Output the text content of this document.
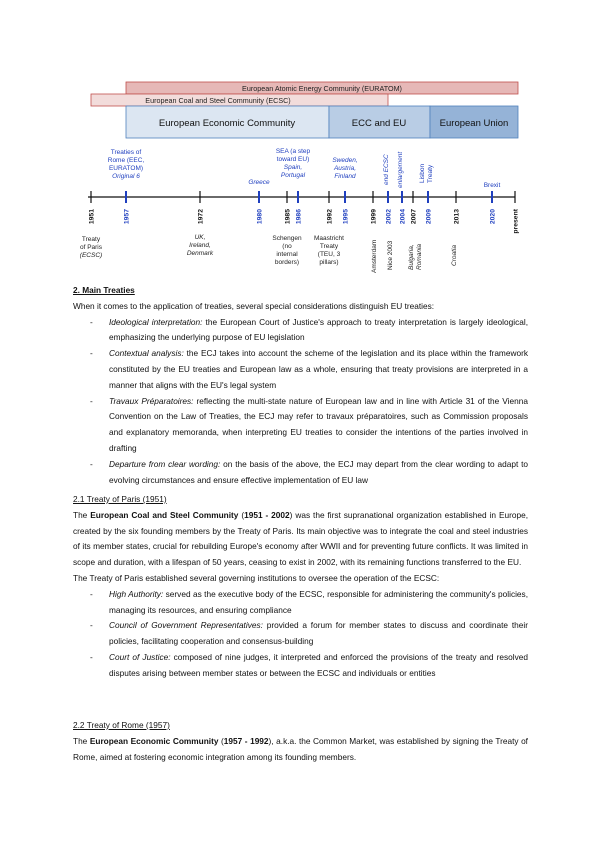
European Atomic Energy Community (EURATOM)
European Coal and Steel Community (ECSC)
European Economic Community	ECC and EU	European Union
1951	1957	1972	1980	1985 1986	1992 1995	1999 2002 2004 2007 2009	2013	2020 present
Treaties of
Rome (EEC,
EURATOM)
Original 6
Greece
SEA (a step
toward EU)
Spain,
Portugal
Sweden,
Austria,
Finland	end ECSC enlargement Lisbon Treaty
Brexit
Treaty
of Paris
(ECSC)
UK,
Ireland,
Denmark
Schengen
(no
internal
borders)
Maastricht
Treaty
(TEU, 3
pillars)	Amsterdam Nice 2003 Bulgaria, Romania	Croatia
2. Main Treaties
When it comes to the application of treaties, several special considerations distinguish EU treaties:
- Ideological interpretation: the European Court of Justice's approach to treaty interpretation is largely ideological, emphasizing the underlying purpose of EU legislation
- Contextual analysis: the ECJ takes into account the scheme of the legislation and its place within the framework constituted by the EU treaties and European law as a whole, ensuring that treaty provisions are interpreted in a manner that aligns with the EU's legal system
- Travaux Préparatoires: reflecting the multi-state nature of European law and in line with Article 31 of the Vienna Convention on the Law of Treaties, the ECJ may refer to travaux préparatoires, such as Commission proposals and explanatory memoranda, when interpreting EU treaties to consider the intentions of the parties involved in drafting
- Departure from clear wording: on the basis of the above, the ECJ may depart from the clear wording to adapt to evolving circumstances and ensure effective implementation of EU law
2.1 Treaty of Paris (1951)
The European Coal and Steel Community (1951 - 2002) was the first supranational organization established in Europe, created by the six founding members by the Treaty of Paris. Its main objective was to integrate the coal and steel industries of its member states, crucial for rebuilding Europe's economy after WWII and for preventing future conflicts. It was limited in scope and duration, with a lifespan of 50 years, ceasing to exist in 2002, with its remaining functions transferred to the EU.
The Treaty of Paris established several governing institutions to oversee the operation of the ECSC:
- High Authority: served as the executive body of the ECSC, responsible for administering the community's policies, managing its resources, and ensuring compliance
- Council of Government Representatives: provided a forum for member states to discuss and coordinate their policies, facilitating cooperation and consensus-building
- Court of Justice: composed of nine judges, it interpreted and enforced the provisions of the treaty and resolved disputes arising between member states or between the ECSC and individuals or entities
2.2 Treaty of Rome (1957)
The European Economic Community (1957 - 1992), a.k.a. the Common Market, was established by signing the Treaty of Rome, aimed at fostering economic integration among its founding members.
